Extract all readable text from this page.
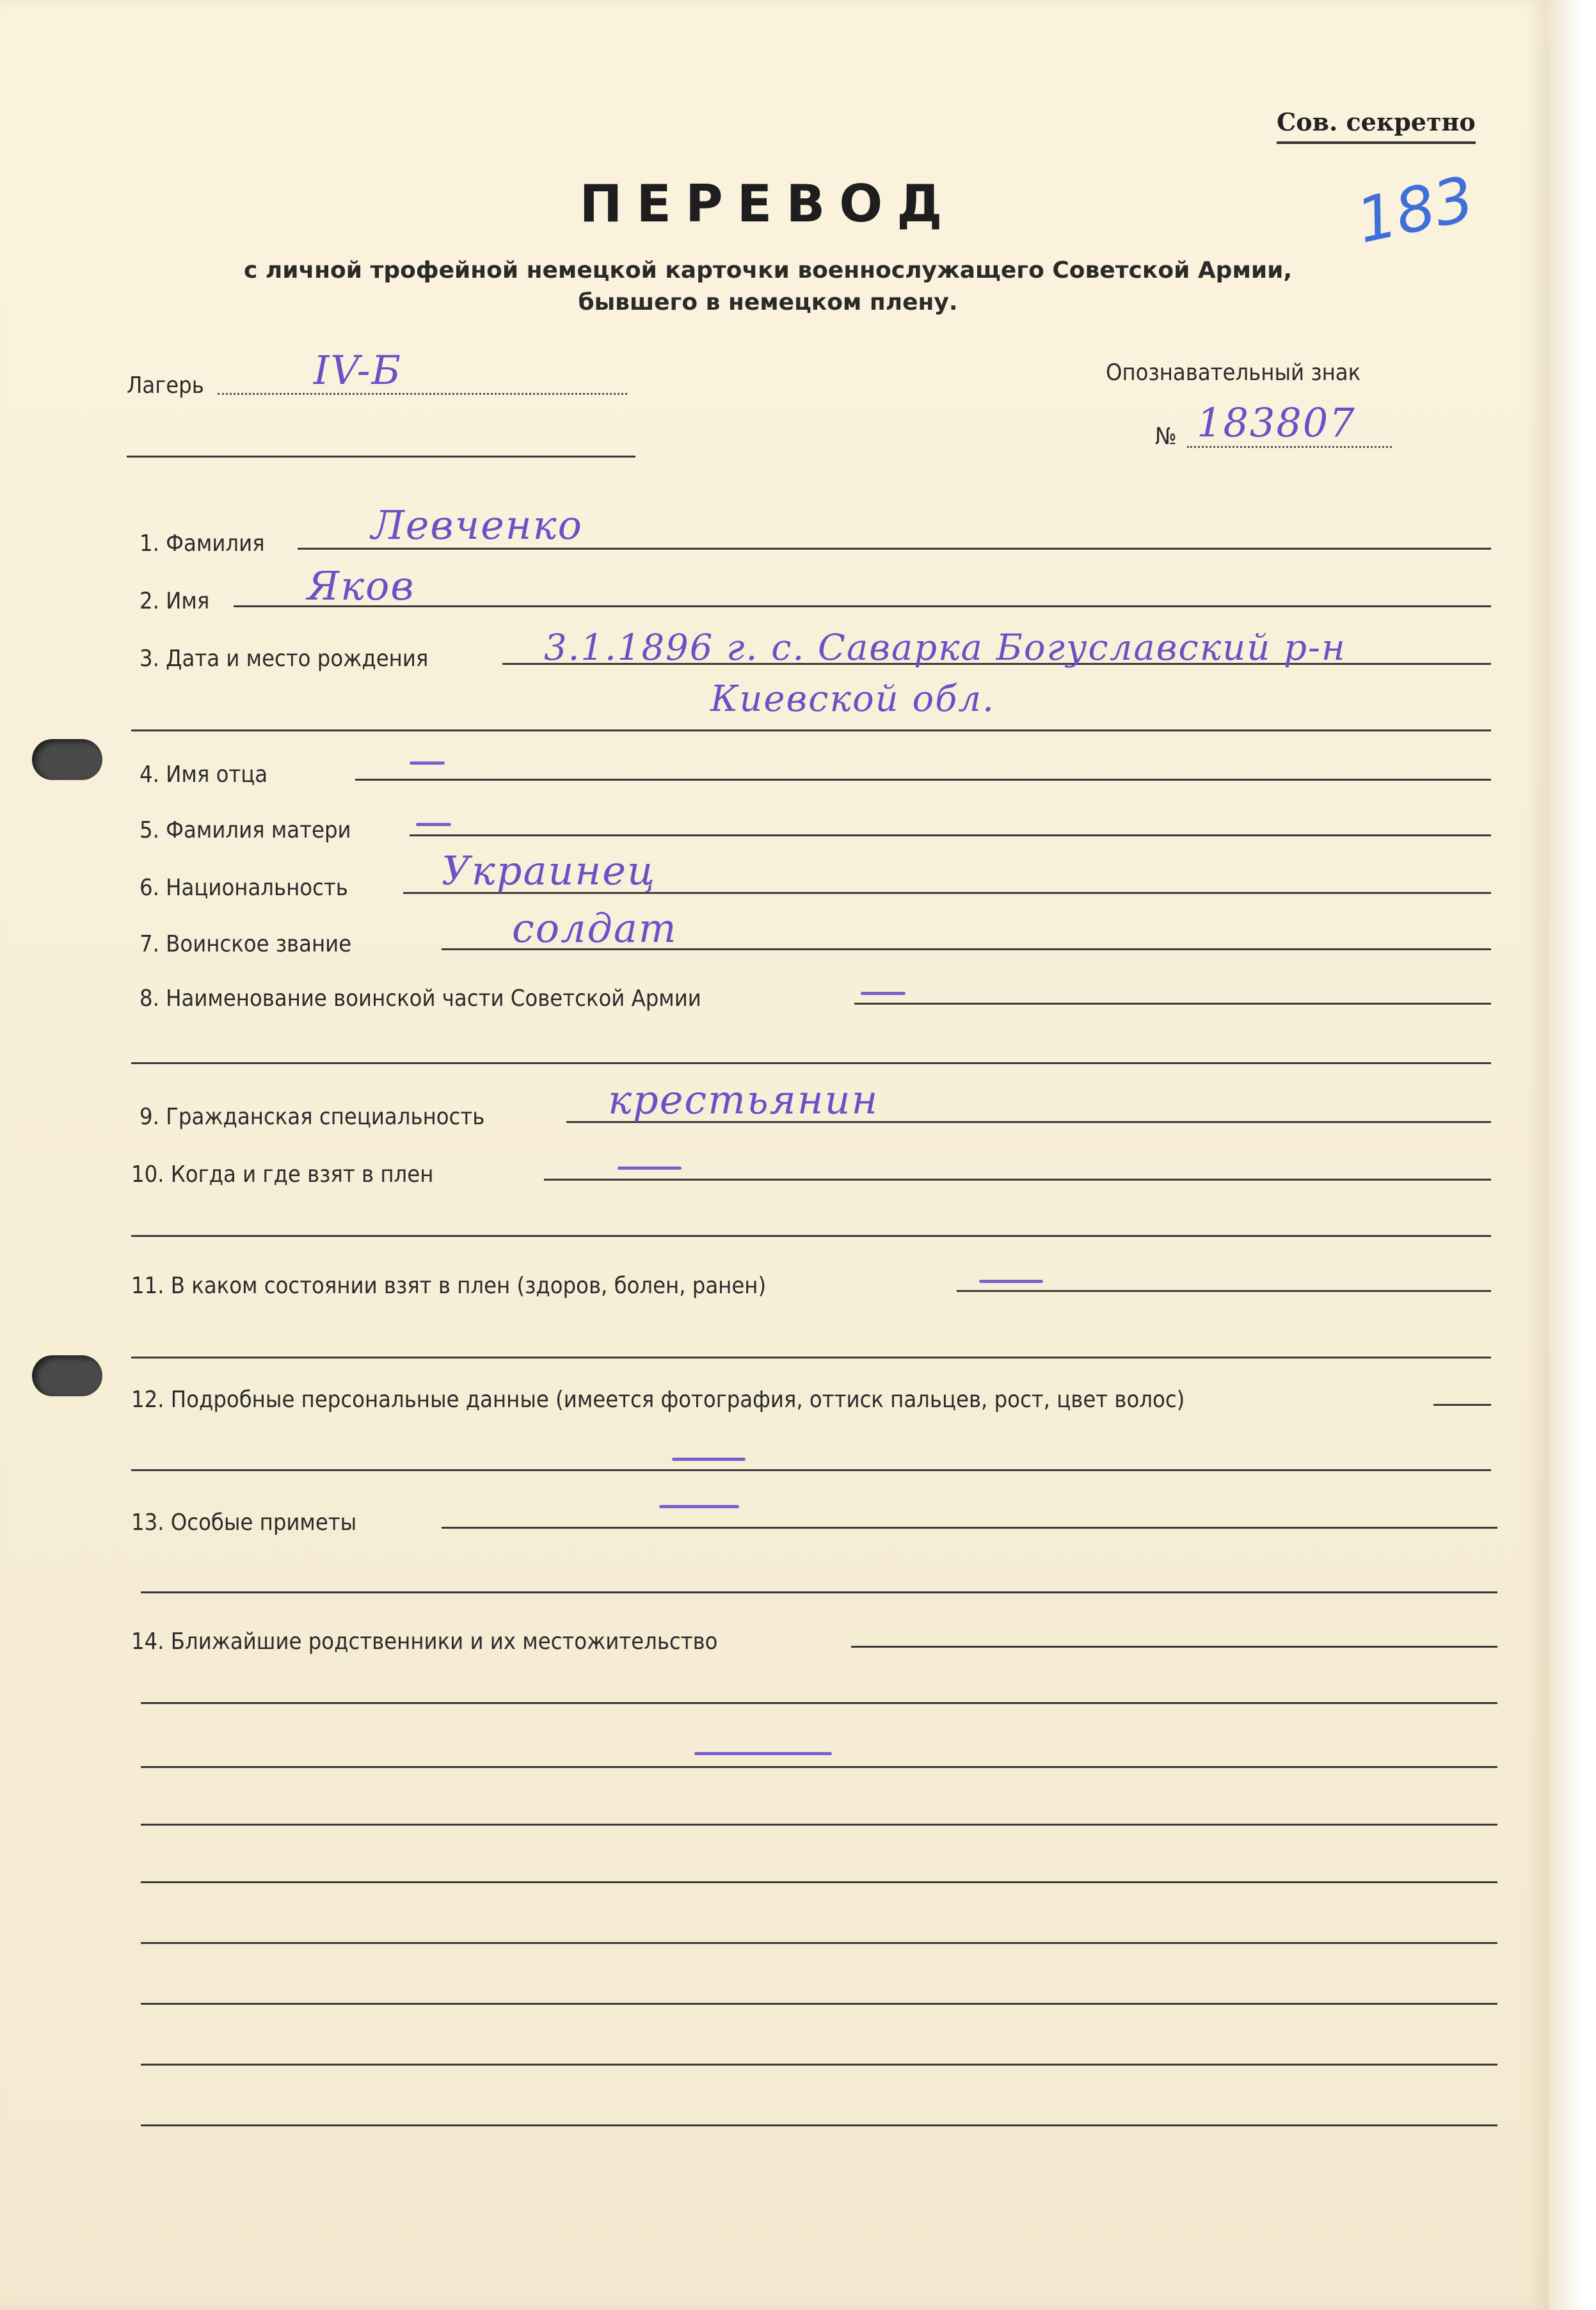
Сов. секретно
183
ПЕРЕВОД
с личной трофейной немецкой карточки военнослужащего Советской Армии,
бывшего в немецком плену.
Лагерь	IV-Б	Опознавательный знак
№ 183807
1. Фамилия	Левченко
2. Имя Яков
3. Дата и место рождения	3.1.1896 г. с. Саварка Богуславский р-н
Киевской обл.
4. Имя отца
5. Фамилия матери
6. Национальность Украинец
7. Воинское звание	солдат
8. Наименование воинской части Советской Армии
9. Гражданская специальность	крестьянин
10. Когда и где взят в плен
11. В каком состоянии взят в плен (здоров, болен, ранен)
12. Подробные персональные данные (имеется фотография, оттиск пальцев, рост, цвет волос)
13. Особые приметы
14. Ближайшие родственники и их местожительство
